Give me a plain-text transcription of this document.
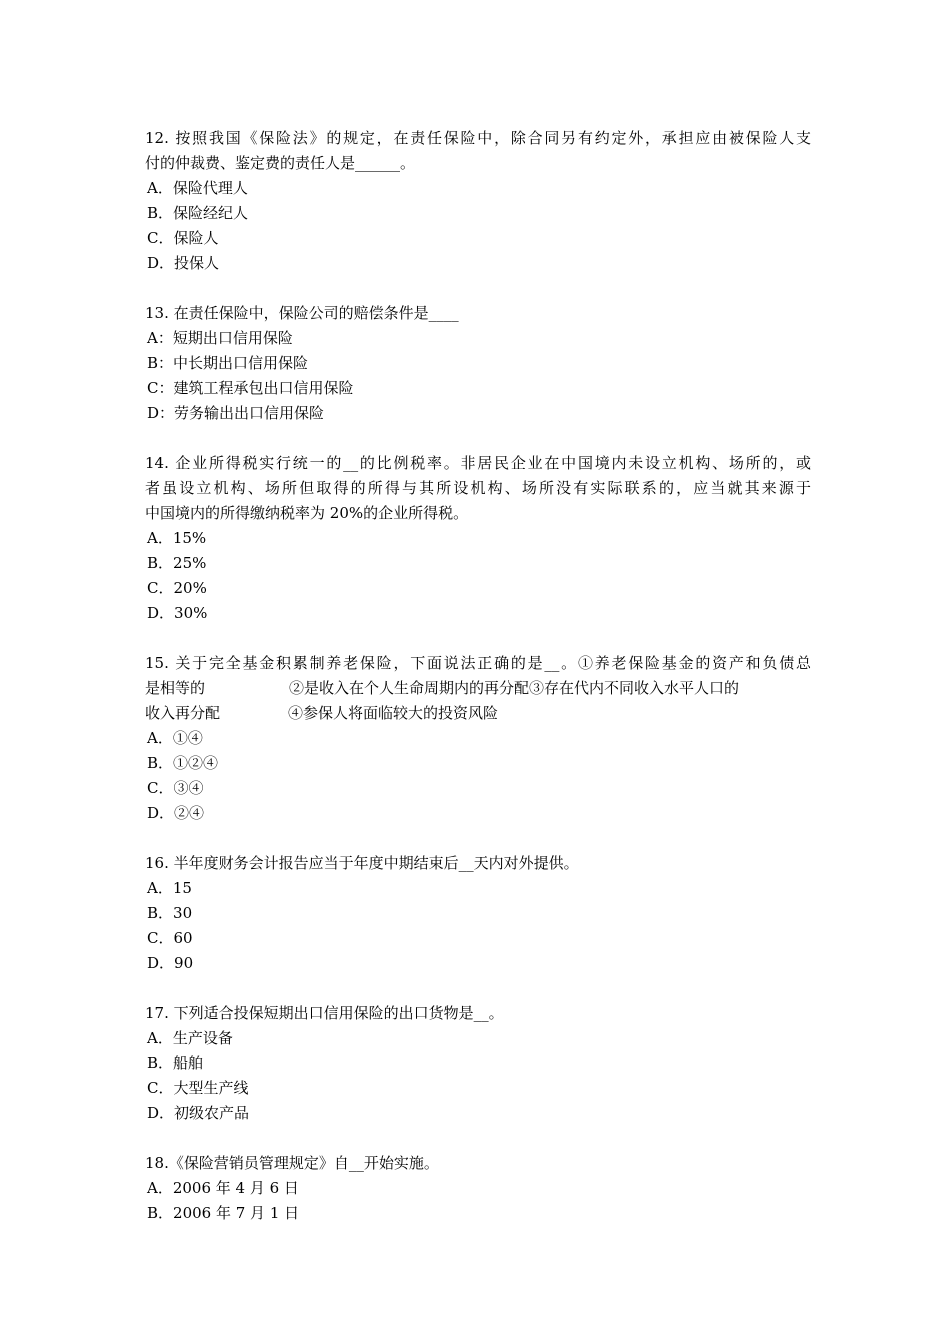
12. 按照我国《保险法》的规定，在责任保险中，除合同另有约定外，承担应由被保险人支
付的仲裁费、鉴定费的责任人是______。
A．保险代理人
B．保险经纪人
C．保险人
D．投保人
13. 在责任保险中，保险公司的赔偿条件是____
A：短期出口信用保险
B：中长期出口信用保险
C：建筑工程承包出口信用保险
D：劳务输出出口信用保险
14. 企业所得税实行统一的__的比例税率。非居民企业在中国境内未设立机构、场所的，或
者虽设立机构、场所但取得的所得与其所设机构、场所没有实际联系的，应当就其来源于
中国境内的所得缴纳税率为 20%的企业所得税。
A．15%
B．25%
C．20%
D．30%
15. 关于完全基金积累制养老保险，下面说法正确的是__。①养老保险基金的资产和负债总
是相等的	②是收入在个人生命周期内的再分配③存在代内不同收入水平人口的
收入再分配	④参保人将面临较大的投资风险
A．①④
B．①②④
C．③④
D．②④
16. 半年度财务会计报告应当于年度中期结束后__天内对外提供。
A．15
B．30
C．60
D．90
17. 下列适合投保短期出口信用保险的出口货物是__。
A．生产设备
B．船舶
C．大型生产线
D．初级农产品
18.《保险营销员管理规定》自__开始实施。
A．2006 年 4 月 6 日
B．2006 年 7 月 1 日
